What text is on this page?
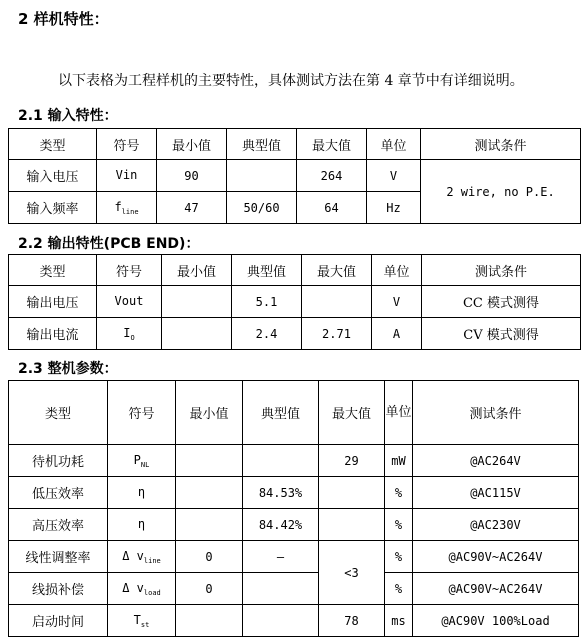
2 样机特性：
以下表格为工程样机的主要特性，具体测试方法在第 4 章节中有详细说明。
2.1 输入特性：
类型	符号	最小值	典型值	最大值	单位	测试条件
输入电压	Vin	90		264	V	2 wire, no P.E.
输入频率	$f_{line}$	47	50/60	64	Hz	
2.2 输出特性(PCB END)：
类型	符号	最小值	典型值	最大值	单位	测试条件
输出电压	Vout		5.1		V	CC 模式测得
输出电流	$I_O$		2.4	2.71	A	CV 模式测得
2.3 整机参数：
类型	符号	最小值	典型值	最大值	单位	测试条件
待机功耗	$P_{NL}$			29	mW	@AC264V
低压效率	η		84.53%		%	@AC115V
高压效率	η		84.42%		%	@AC230V
线性调整率	Δ $v_{line}$	0	–	<3	%	@AC90V~AC264V
线损补偿	Δ $v_{load}$	0			%	@AC90V~AC264V
启动时间	$T_{st}$			78	ms	@AC90V 100%Load
